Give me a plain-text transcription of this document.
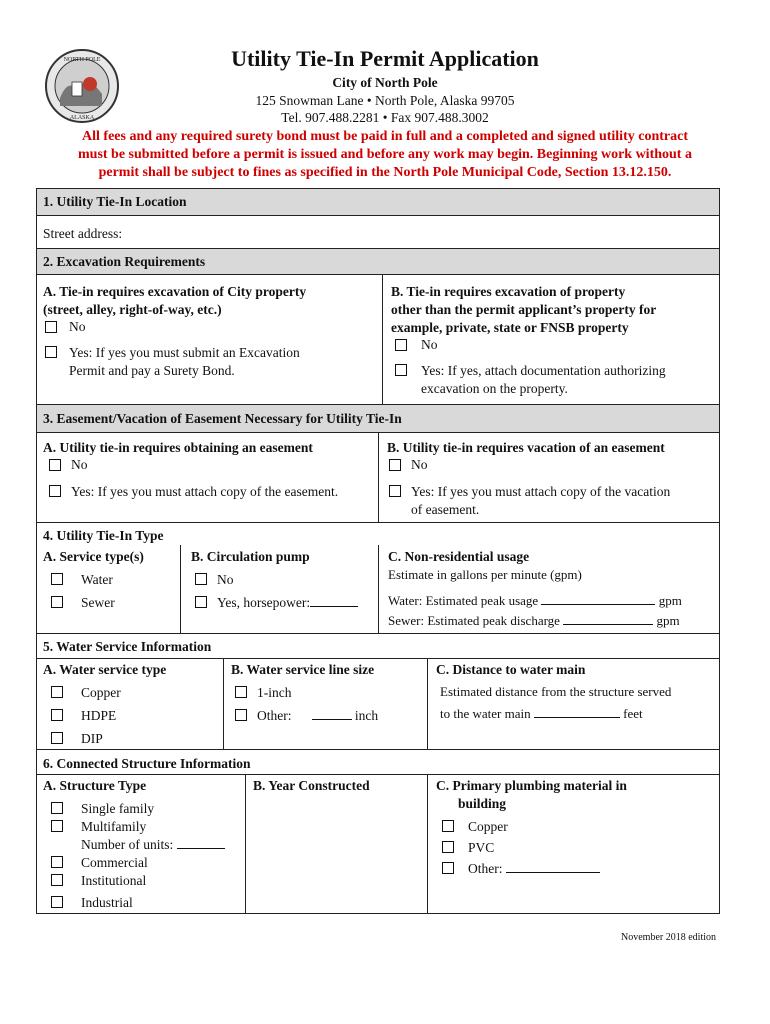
NORTH POLE
ALASKA
Utility Tie-In Permit Application
City of North Pole
125 Snowman Lane • North Pole, Alaska 99705
Tel. 907.488.2281 • Fax 907.488.3002
All fees and any required surety bond must be paid in full and a completed and signed utility contract
must be submitted before a permit is issued and before any work may begin. Beginning work without a
permit shall be subject to fines as specified in the North Pole Municipal Code, Section 13.12.150.
1. Utility Tie-In Location
Street address:
2. Excavation Requirements
A. Tie-in requires excavation of City property
(street, alley, right-of-way, etc.)
No
Yes: If yes you must submit an Excavation
Permit and pay a Surety Bond.
B. Tie-in requires excavation of property
other than the permit applicant’s property for
example, private, state or FNSB property
No
Yes: If yes, attach documentation authorizing
excavation on the property.
3. Easement/Vacation of Easement Necessary for Utility Tie-In
A. Utility tie-in requires obtaining an easement
No
Yes: If yes you must attach copy of the easement.
B. Utility tie-in requires vacation of an easement
No
Yes: If yes you must attach copy of the vacation
of easement.
4. Utility Tie-In Type
A. Service type(s)
Water
Sewer
B. Circulation pump
No
Yes, horsepower:
C. Non-residential usage
Estimate in gallons per minute (gpm)
Water: Estimated peak usage	gpm
Sewer: Estimated peak discharge	gpm
5. Water Service Information
A. Water service type
Copper
HDPE
DIP
B. Water service line size
1-inch
Other:	inch
C. Distance to water main
Estimated distance from the structure served
to the water main	feet
6. Connected Structure Information
A. Structure Type
Single family
Multifamily
Number of units:
Commercial
Institutional
Industrial
B. Year Constructed	C. Primary plumbing material in
building
Copper
PVC
Other:
November 2018 edition
